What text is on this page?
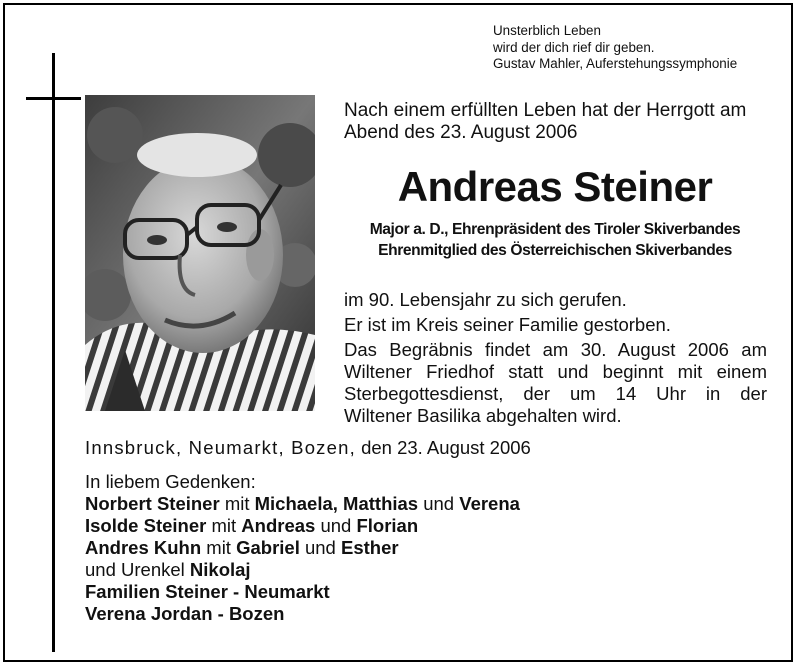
Unsterblich Leben
wird der dich rief dir geben.
Gustav Mahler, Auferstehungssymphonie
Nach einem erfüllten Leben hat der Herrgott am
Abend des 23. August 2006
Andreas Steiner
Major a. D., Ehrenpräsident des Tiroler Skiverbandes
Ehrenmitglied des Österreichischen Skiverbandes
im 90. Lebensjahr zu sich gerufen.
Er ist im Kreis seiner Familie gestorben.
Das Begräbnis findet am 30. August 2006 am
Wiltener Friedhof statt und beginnt mit einem
Sterbegottesdienst, der um 14 Uhr in der
Wiltener Basilika abgehalten wird.
Innsbruck, Neumarkt, Bozen, den 23. August 2006
In liebem Gedenken:
Norbert Steiner mit Michaela, Matthias und Verena
Isolde Steiner mit Andreas und Florian
Andres Kuhn mit Gabriel und Esther
und Urenkel Nikolaj
Familien Steiner - Neumarkt
Verena Jordan - Bozen
